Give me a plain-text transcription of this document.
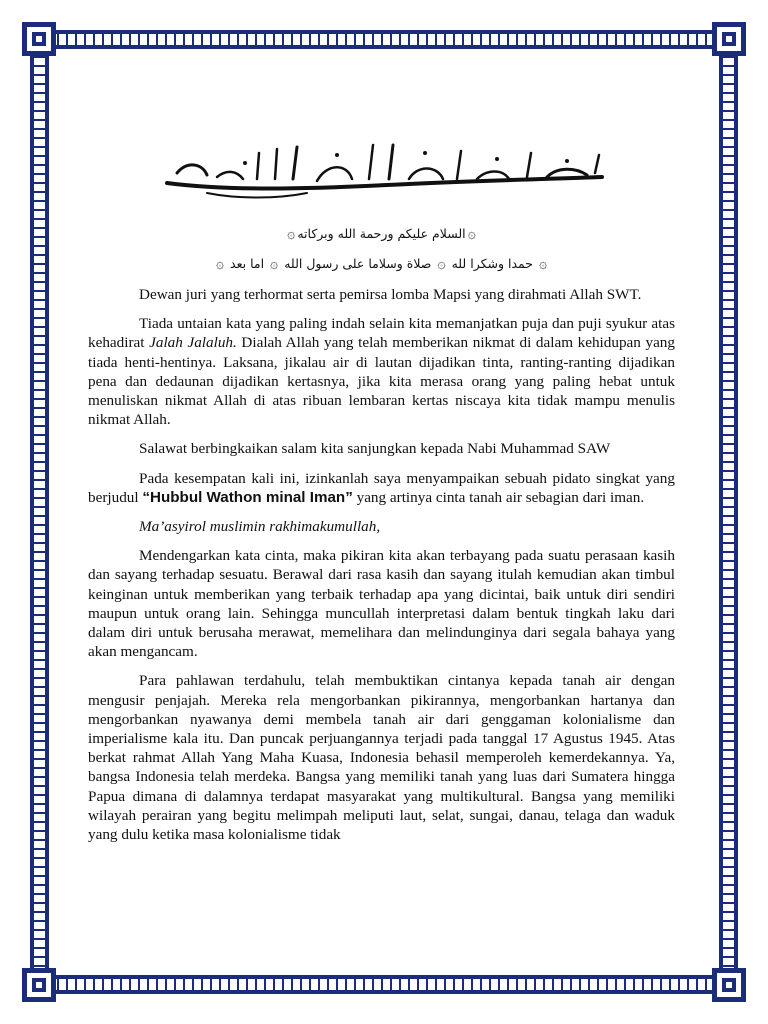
۞السلام عليكم ورحمة الله وبركاته۞
۞ حمدا وشكرا لله ۞ صلاة وسلاما على رسول الله ۞ اما بعد ۞

Dewan juri yang terhormat serta pemirsa lomba Mapsi yang dirahmati Allah SWT.

Tiada untaian kata yang paling indah selain kita memanjatkan puja dan puji syukur atas kehadirat Jalah Jalaluh. Dialah Allah yang telah memberikan nikmat di dalam kehidupan yang tiada henti-hentinya. Laksana, jikalau air di lautan dijadikan tinta, ranting-ranting dijadikan pena dan dedaunan dijadikan kertasnya, jika kita merasa orang yang paling hebat untuk menuliskan nikmat Allah di atas ribuan lembaran kertas niscaya kita tidak mampu menulis nikmat Allah.

Salawat berbingkaikan salam kita sanjungkan kepada Nabi Muhammad SAW

Pada kesempatan kali ini, izinkanlah saya menyampaikan sebuah pidato singkat yang berjudul “Hubbul Wathon minal Iman” yang artinya cinta tanah air sebagian dari iman.

Ma’asyirol muslimin rakhimakumullah,

Mendengarkan kata cinta, maka pikiran kita akan terbayang pada suatu perasaan kasih dan sayang terhadap sesuatu. Berawal dari rasa kasih dan sayang itulah kemudian akan timbul keinginan untuk memberikan yang terbaik terhadap apa yang dicintai, baik untuk diri sendiri maupun untuk orang lain. Sehingga muncullah interpretasi dalam bentuk tingkah laku dari dalam diri untuk berusaha merawat, memelihara dan melindunginya dari segala bahaya yang akan mengancam.

Para pahlawan terdahulu, telah membuktikan cintanya kepada tanah air dengan mengusir penjajah. Mereka rela mengorbankan pikirannya, mengorbankan hartanya dan mengorbankan nyawanya demi membela tanah air dari genggaman kolonialisme dan imperialisme kala itu. Dan puncak perjuangannya terjadi pada tanggal 17 Agustus 1945. Atas berkat rahmat Allah Yang Maha Kuasa, Indonesia behasil memperoleh kemerdekannya. Ya, bangsa Indonesia telah merdeka. Bangsa yang memiliki tanah yang luas dari Sumatera hingga Papua dimana di dalamnya terdapat masyarakat yang multikultural. Bangsa yang memiliki wilayah perairan yang begitu melimpah meliputi laut, selat, sungai, danau, telaga dan waduk yang dulu ketika masa kolonialisme tidak
